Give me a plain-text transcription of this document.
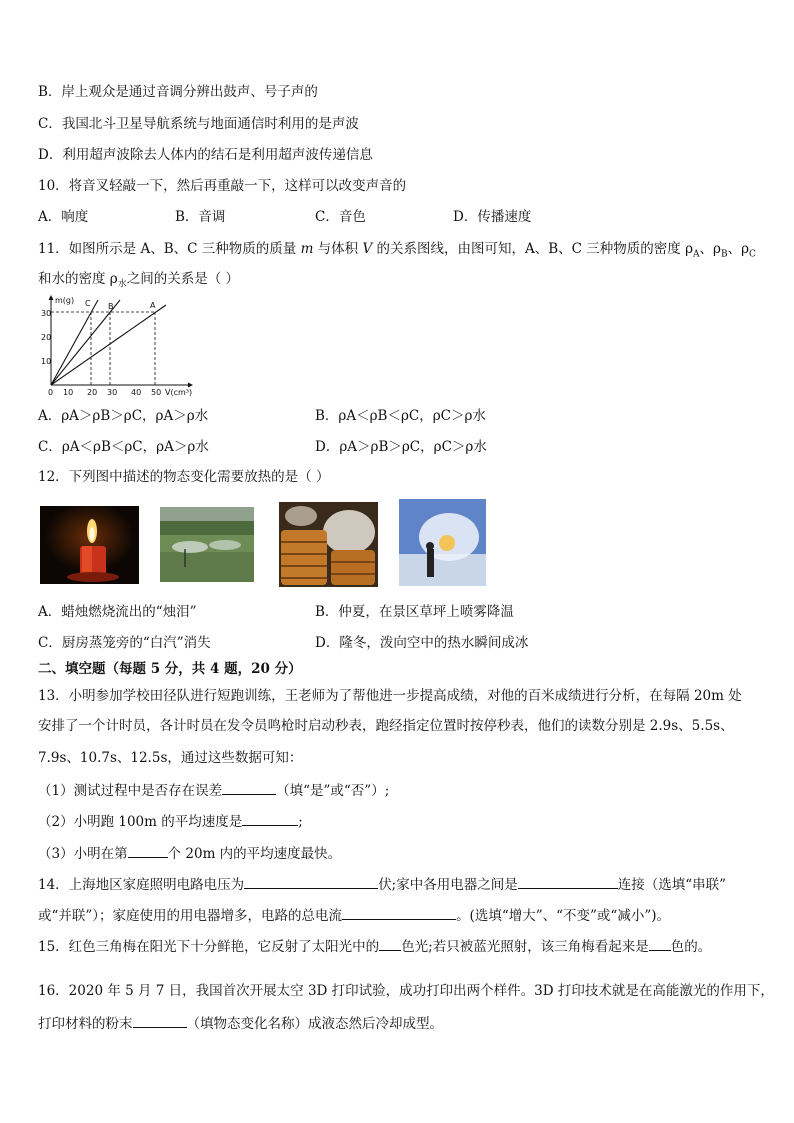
B．岸上观众是通过音调分辨出鼓声、号子声的
C．我国北斗卫星导航系统与地面通信时利用的是声波
D．利用超声波除去人体内的结石是利用超声波传递信息
10．将音叉轻敲一下，然后再重敲一下，这样可以改变声音的
A．响度	B．音调	C．音色	D．传播速度
11．如图所示是 A、B、C 三种物质的质量 m 与体积 V 的关系图线，由图可知，A、B、C 三种物质的密度 $\rho_A$、$\rho_B$、$\rho_C$
和水的密度 $\rho_水$之间的关系是（ ）
m(g)
V(cm³)
10
20
30
0 10 20 30 40 50
C B	A
A．ρA＞ρB＞ρC，ρA＞ρ水	B．ρA＜ρB＜ρC，ρC＞ρ水
C．ρA＜ρB＜ρC，ρA＞ρ水	D．ρA＞ρB＞ρC，ρC＞ρ水
12．下列图中描述的物态变化需要放热的是（ ）
A．蜡烛燃烧流出的“烛泪”	B．仲夏，在景区草坪上喷雾降温
C．厨房蒸笼旁的“白汽”消失	D．隆冬，泼向空中的热水瞬间成冰
二、填空题（每题 5 分，共 4 题，20 分）
13．小明参加学校田径队进行短跑训练，王老师为了帮他进一步提高成绩，对他的百米成绩进行分析，在每隔 20m 处
安排了一个计时员，各计时员在发令员鸣枪时启动秒表，跑经指定位置时按停秒表，他们的读数分别是 2.9s、5.5s、
7.9s、10.7s、12.5s，通过这些数据可知：
（1）测试过程中是否存在误差	（填“是”或“否”）;
（2）小明跑 100m 的平均速度是	;
（3）小明在第	个 20m 内的平均速度最快。
14．上海地区家庭照明电路电压为	伏;家中各用电器之间是	连接（选填“串联”
或“并联”）；家庭使用的用电器增多，电路的总电流	。(选填“增大”、“不变”或“减小”)。
15．红色三角梅在阳光下十分鲜艳，它反射了太阳光中的 色光;若只被蓝光照射，该三角梅看起来是 色的。
16．2020 年 5 月 7 日，我国首次开展太空 3D 打印试验，成功打印出两个样件。3D 打印技术就是在高能激光的作用下，
打印材料的粉末	（填物态变化名称）成液态然后冷却成型。
